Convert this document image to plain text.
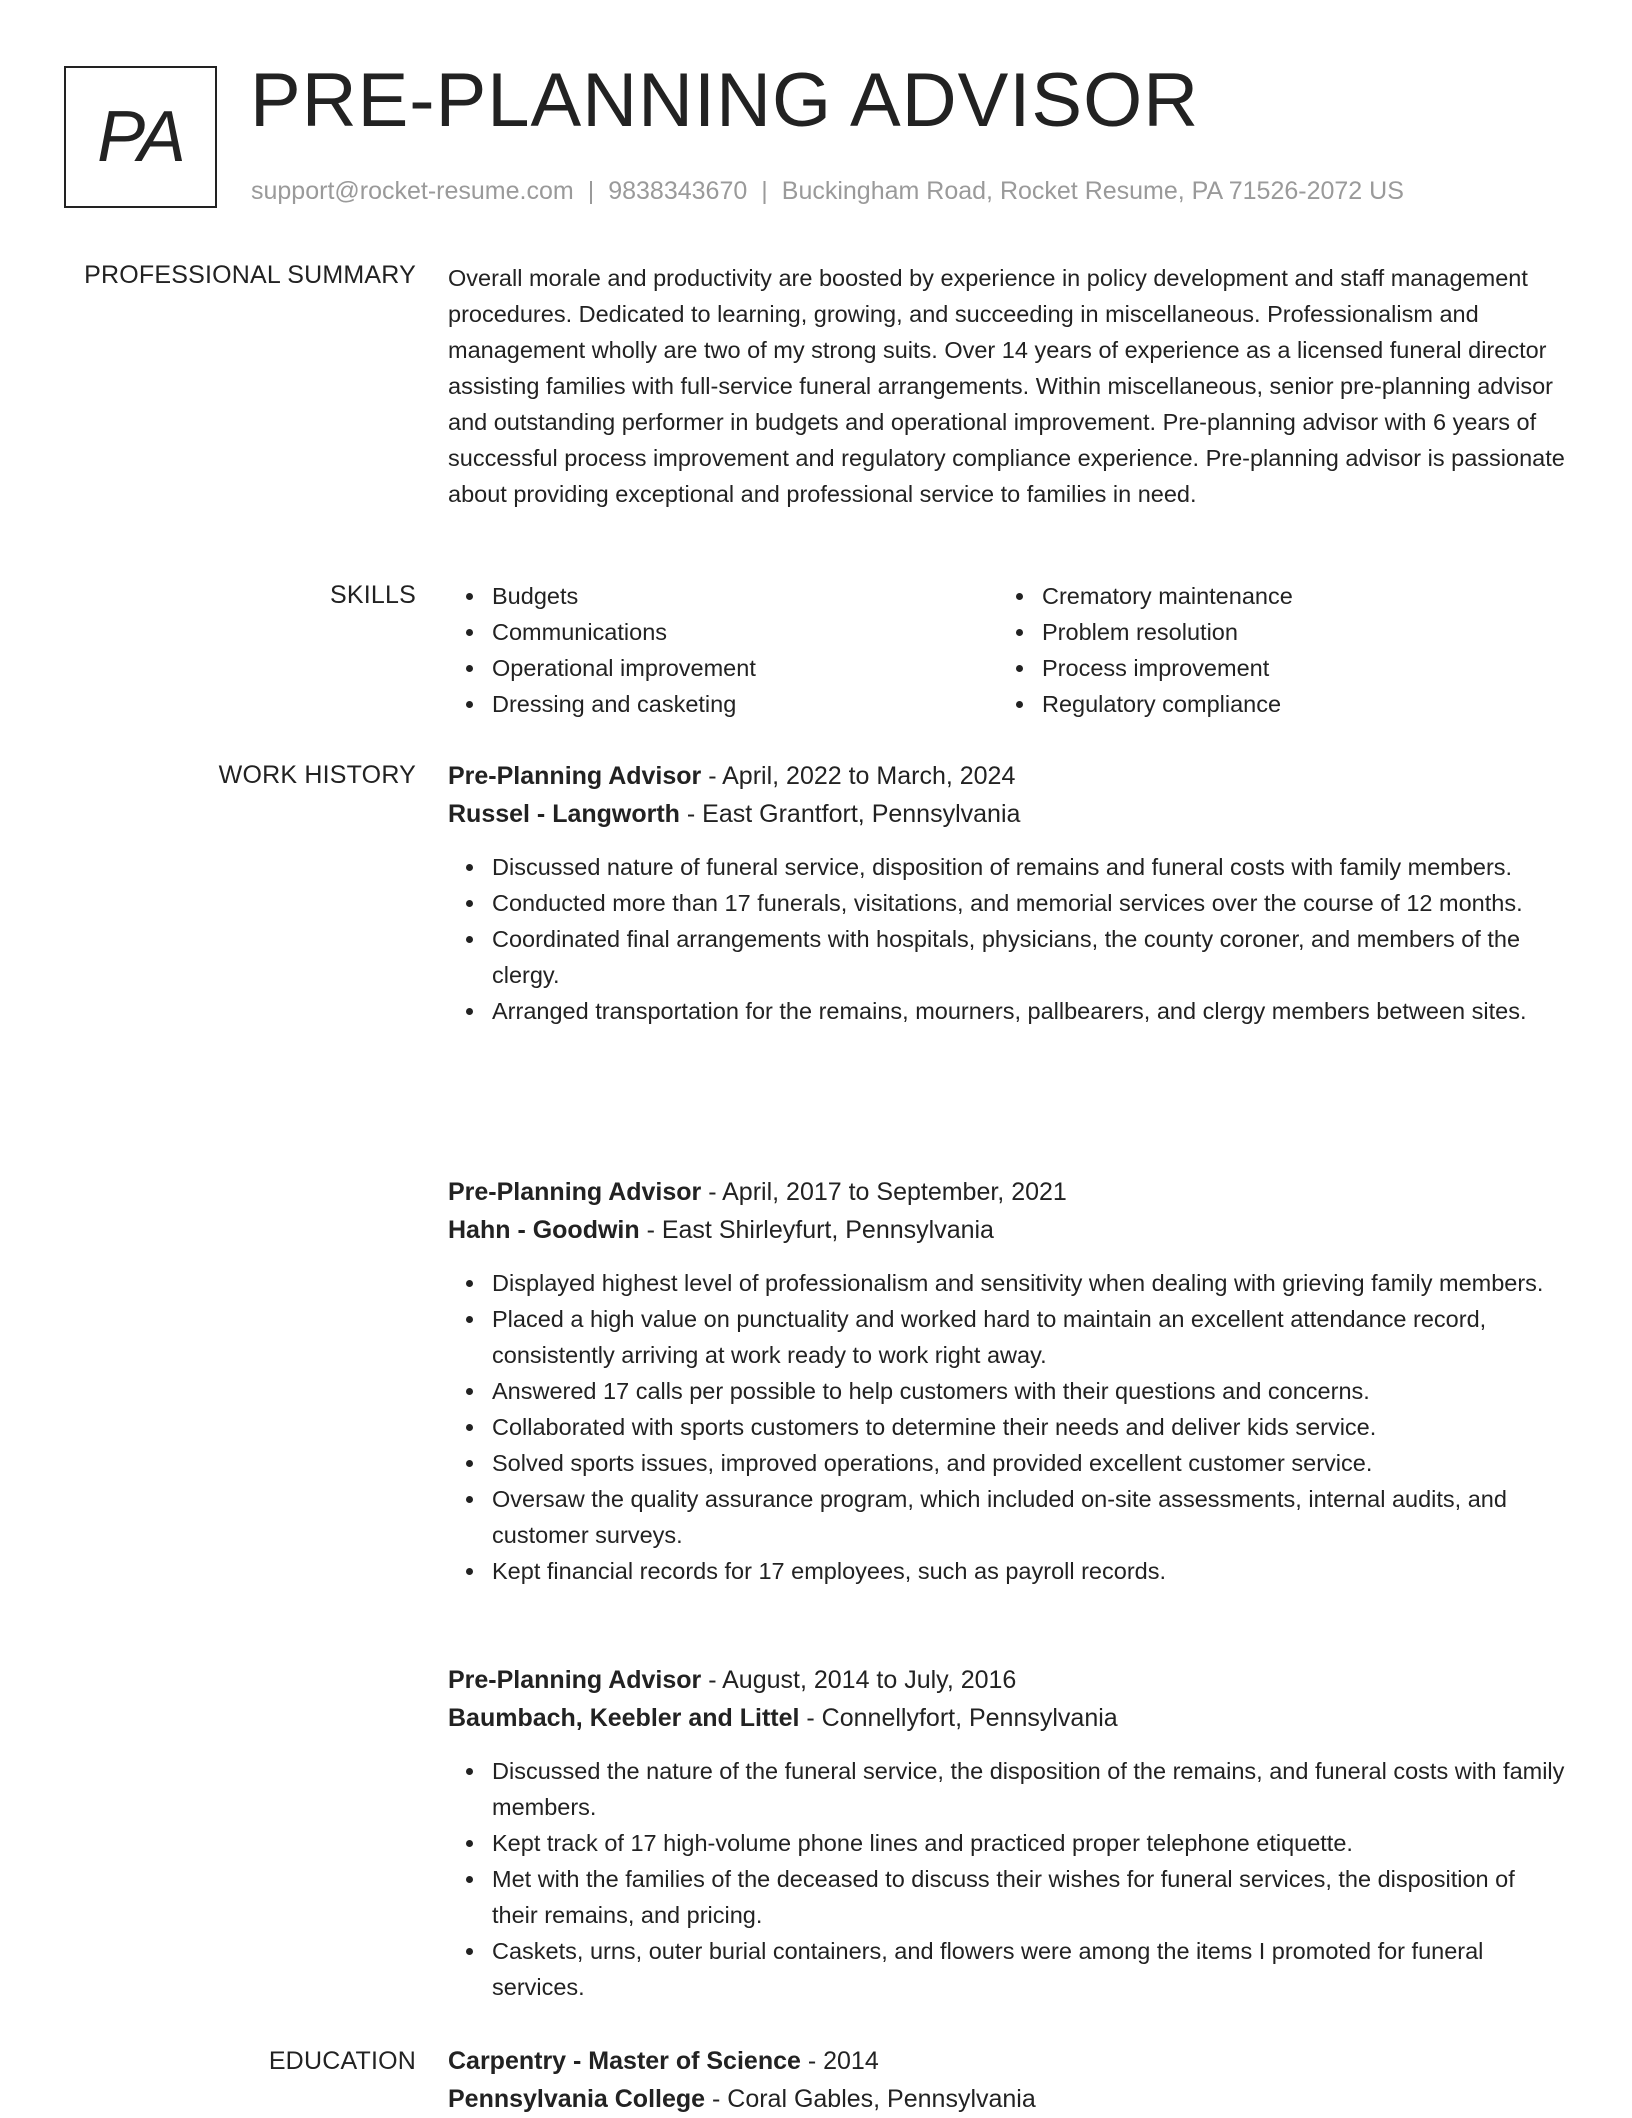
PA PRE-PLANNING ADVISOR
support@rocket-resume.com | 9838343670 | Buckingham Road, Rocket Resume, PA 71526-2072 US
PROFESSIONAL SUMMARY Overall morale and productivity are boosted by experience in policy development and staff management procedures. Dedicated to learning, growing, and succeeding in miscellaneous. Professionalism and management wholly are two of my strong suits. Over 14 years of experience as a licensed funeral director assisting families with full-service funeral arrangements. Within miscellaneous, senior pre-planning advisor and outstanding performer in budgets and operational improvement. Pre-planning advisor with 6 years of successful process improvement and regulatory compliance experience. Pre-planning advisor is passionate about providing exceptional and professional service to families in need.

SKILLS	Budgets
Communications
Operational improvement
Dressing and casketing
Crematory maintenance
Problem resolution
Process improvement
Regulatory compliance
WORK HISTORY Pre-Planning Advisor - April, 2022 to March, 2024
Russel - Langworth - East Grantfort, Pennsylvania
Discussed nature of funeral service, disposition of remains and funeral costs with family members.
Conducted more than 17 funerals, visitations, and memorial services over the course of 12 months.
Coordinated final arrangements with hospitals, physicians, the county coroner, and members of the clergy.
Arranged transportation for the remains, mourners, pallbearers, and clergy members between sites.
Pre-Planning Advisor - April, 2017 to September, 2021
Hahn - Goodwin - East Shirleyfurt, Pennsylvania
Displayed highest level of professionalism and sensitivity when dealing with grieving family members.
Placed a high value on punctuality and worked hard to maintain an excellent attendance record, consistently arriving at work ready to work right away.
Answered 17 calls per possible to help customers with their questions and concerns.
Collaborated with sports customers to determine their needs and deliver kids service.
Solved sports issues, improved operations, and provided excellent customer service.
Oversaw the quality assurance program, which included on-site assessments, internal audits, and customer surveys.
Kept financial records for 17 employees, such as payroll records.
Pre-Planning Advisor - August, 2014 to July, 2016
Baumbach, Keebler and Littel - Connellyfort, Pennsylvania
Discussed the nature of the funeral service, the disposition of the remains, and funeral costs with family members.
Kept track of 17 high-volume phone lines and practiced proper telephone etiquette.
Met with the families of the deceased to discuss their wishes for funeral services, the disposition of their remains, and pricing.
Caskets, urns, outer burial containers, and flowers were among the items I promoted for funeral services.
EDUCATION Carpentry - Master of Science - 2014
Pennsylvania College - Coral Gables, Pennsylvania
